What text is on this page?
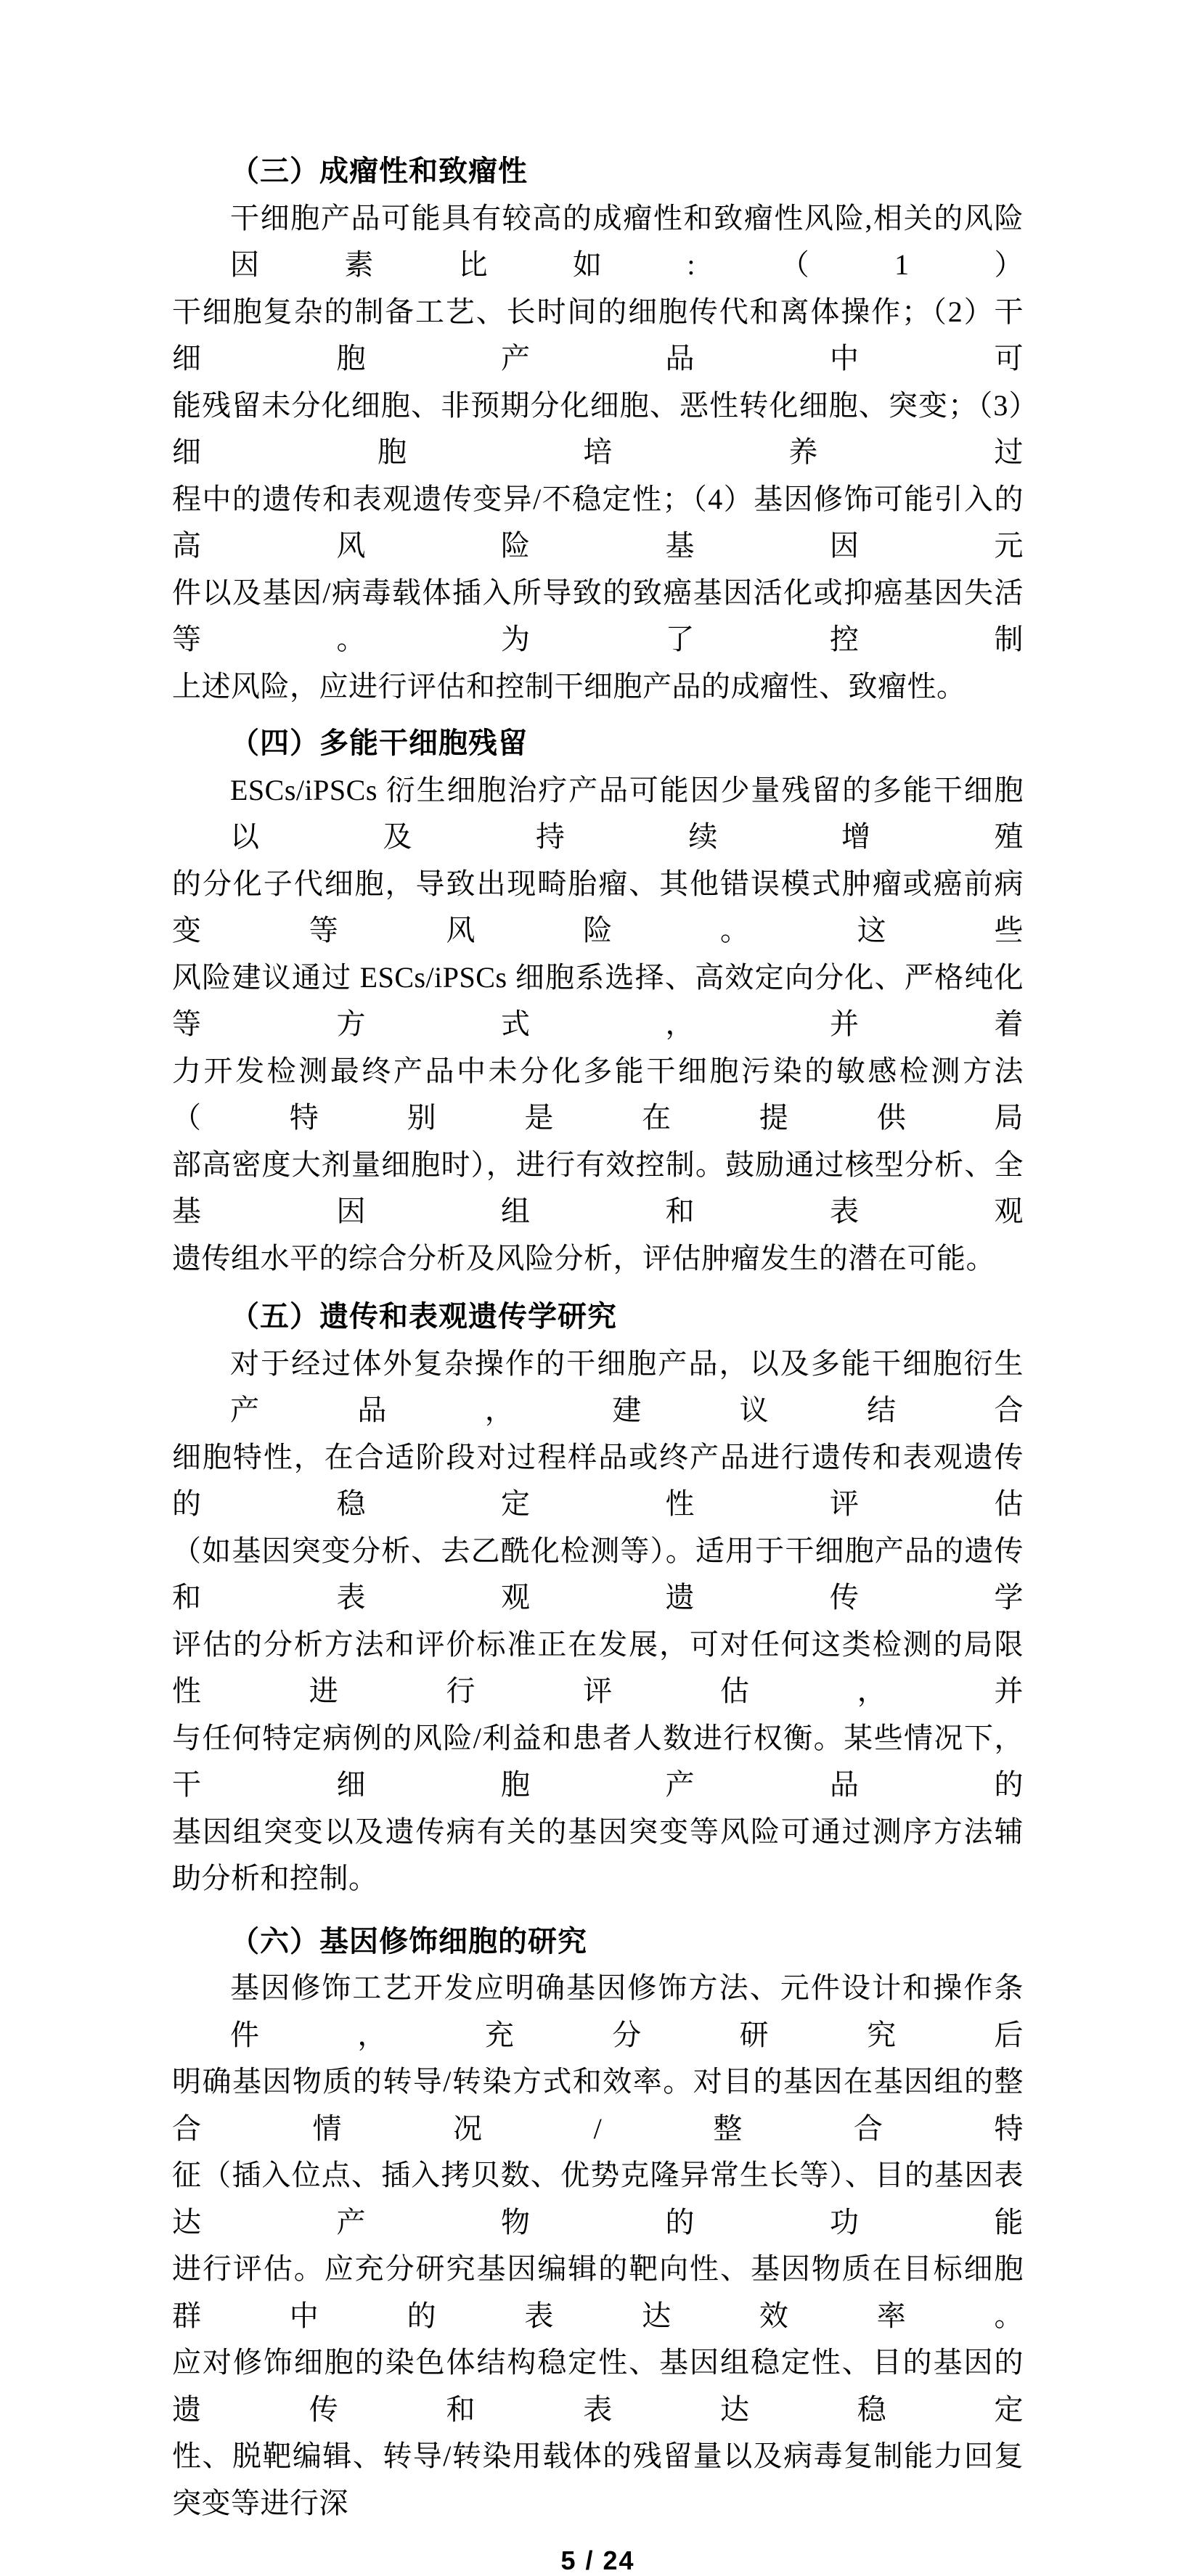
（三）成瘤性和致瘤性
干细胞产品可能具有较高的成瘤性和致瘤性风险,相关的风险因素比如:（1）
干细胞复杂的制备工艺、长时间的细胞传代和离体操作；（2）干细胞产品中可
能残留未分化细胞、非预期分化细胞、恶性转化细胞、突变；（3）细胞培养过
程中的遗传和表观遗传变异/不稳定性；（4）基因修饰可能引入的高风险基因元
件以及基因/病毒载体插入所导致的致癌基因活化或抑癌基因失活等。为了控制
上述风险，应进行评估和控制干细胞产品的成瘤性、致瘤性。
（四）多能干细胞残留
ESCs/iPSCs 衍生细胞治疗产品可能因少量残留的多能干细胞以及持续增殖
的分化子代细胞，导致出现畸胎瘤、其他错误模式肿瘤或癌前病变等风险。这些
风险建议通过 ESCs/iPSCs 细胞系选择、高效定向分化、严格纯化等方式，并着
力开发检测最终产品中未分化多能干细胞污染的敏感检测方法（特别是在提供局
部高密度大剂量细胞时），进行有效控制。鼓励通过核型分析、全基因组和表观
遗传组水平的综合分析及风险分析，评估肿瘤发生的潜在可能。
（五）遗传和表观遗传学研究
对于经过体外复杂操作的干细胞产品，以及多能干细胞衍生产品，建议结合
细胞特性，在合适阶段对过程样品或终产品进行遗传和表观遗传的稳定性评估
（如基因突变分析、去乙酰化检测等）。适用于干细胞产品的遗传和表观遗传学
评估的分析方法和评价标准正在发展，可对任何这类检测的局限性进行评估，并
与任何特定病例的风险/利益和患者人数进行权衡。某些情况下，干细胞产品的
基因组突变以及遗传病有关的基因突变等风险可通过测序方法辅助分析和控制。
（六）基因修饰细胞的研究
基因修饰工艺开发应明确基因修饰方法、元件设计和操作条件，充分研究后
明确基因物质的转导/转染方式和效率。对目的基因在基因组的整合情况/整合特
征（插入位点、插入拷贝数、优势克隆异常生长等）、目的基因表达产物的功能
进行评估。应充分研究基因编辑的靶向性、基因物质在目标细胞群中的表达效率。
应对修饰细胞的染色体结构稳定性、基因组稳定性、目的基因的遗传和表达稳定
性、脱靶编辑、转导/转染用载体的残留量以及病毒复制能力回复突变等进行深
5 / 24
